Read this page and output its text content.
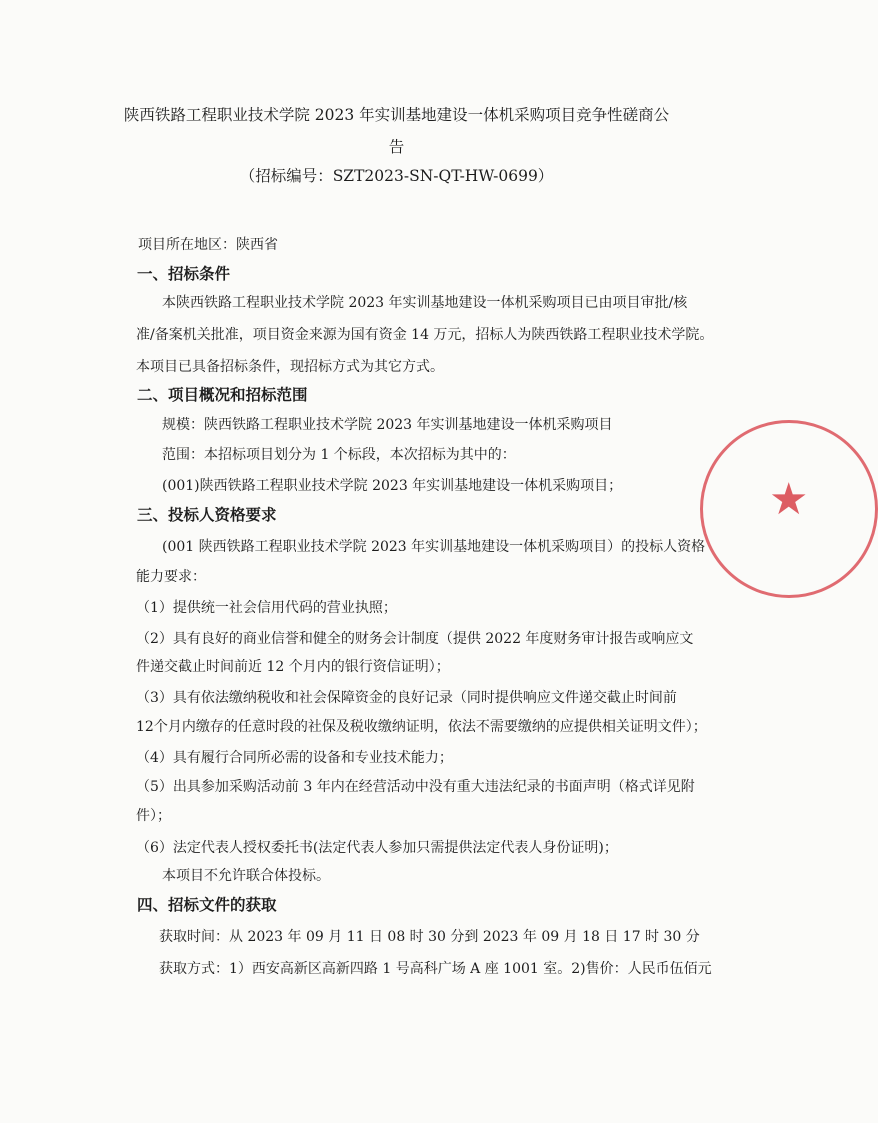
陕西铁路工程职业技术学院 2023 年实训基地建设一体机采购项目竞争性磋商公
告
（招标编号：SZT2023-SN-QT-HW-0699）
项目所在地区：陕西省
一、招标条件
本陕西铁路工程职业技术学院 2023 年实训基地建设一体机采购项目已由项目审批/核
准/备案机关批准，项目资金来源为国有资金 14 万元，招标人为陕西铁路工程职业技术学院。
本项目已具备招标条件，现招标方式为其它方式。
二、项目概况和招标范围
规模：陕西铁路工程职业技术学院 2023 年实训基地建设一体机采购项目
范围：本招标项目划分为 1 个标段，本次招标为其中的：
(001)陕西铁路工程职业技术学院 2023 年实训基地建设一体机采购项目；
三、投标人资格要求
(001 陕西铁路工程职业技术学院 2023 年实训基地建设一体机采购项目）的投标人资格
能力要求：
（1）提供统一社会信用代码的营业执照；
（2）具有良好的商业信誉和健全的财务会计制度（提供 2022 年度财务审计报告或响应文
件递交截止时间前近 12 个月内的银行资信证明）；
（3）具有依法缴纳税收和社会保障资金的良好记录（同时提供响应文件递交截止时间前
12个月内缴存的任意时段的社保及税收缴纳证明，依法不需要缴纳的应提供相关证明文件）；
（4）具有履行合同所必需的设备和专业技术能力；
（5）出具参加采购活动前 3 年内在经营活动中没有重大违法纪录的书面声明（格式详见附
件）；
（6）法定代表人授权委托书(法定代表人参加只需提供法定代表人身份证明)；
本项目不允许联合体投标。
四、招标文件的获取
获取时间：从 2023 年 09 月 11 日 08 时 30 分到 2023 年 09 月 18 日 17 时 30 分
获取方式：1）西安高新区高新四路 1 号高科广场 A 座 1001 室。2)售价：人民币伍佰元
★
